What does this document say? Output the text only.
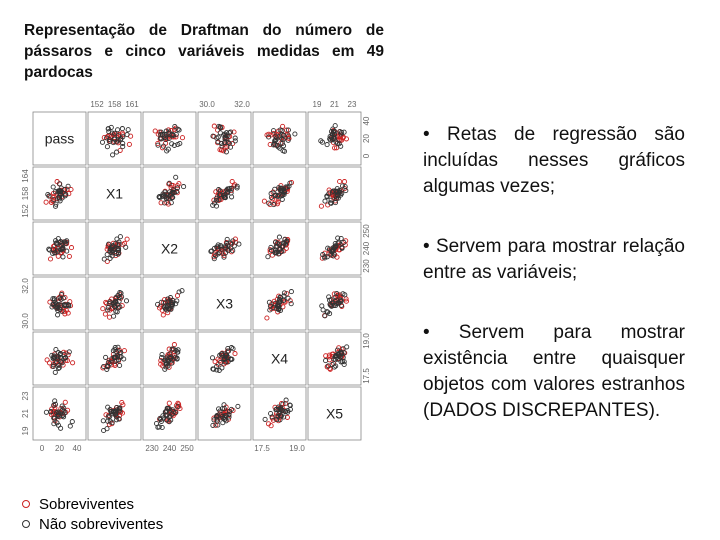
Representação de Draftman do número de pássaros e cinco variáveis medidas em 49 pardocas
pass
X1
X2
X3
X4
X5
152 158 161	30.0 32.0	19 21 23
0 20 40	230 240 250	17.5 19.0
152
158
164
30.0
32.0
19
21
23
0
20
40
230
240
250
17.5
19.0
• Retas de regressão são incluídas nesses gráficos algumas vezes;
• Servem para mostrar relação entre as variáveis;
• Servem para mostrar existência entre quaisquer objetos com valores estranhos (DADOS DISCREPANTES).
Sobreviventes
Não sobreviventes
